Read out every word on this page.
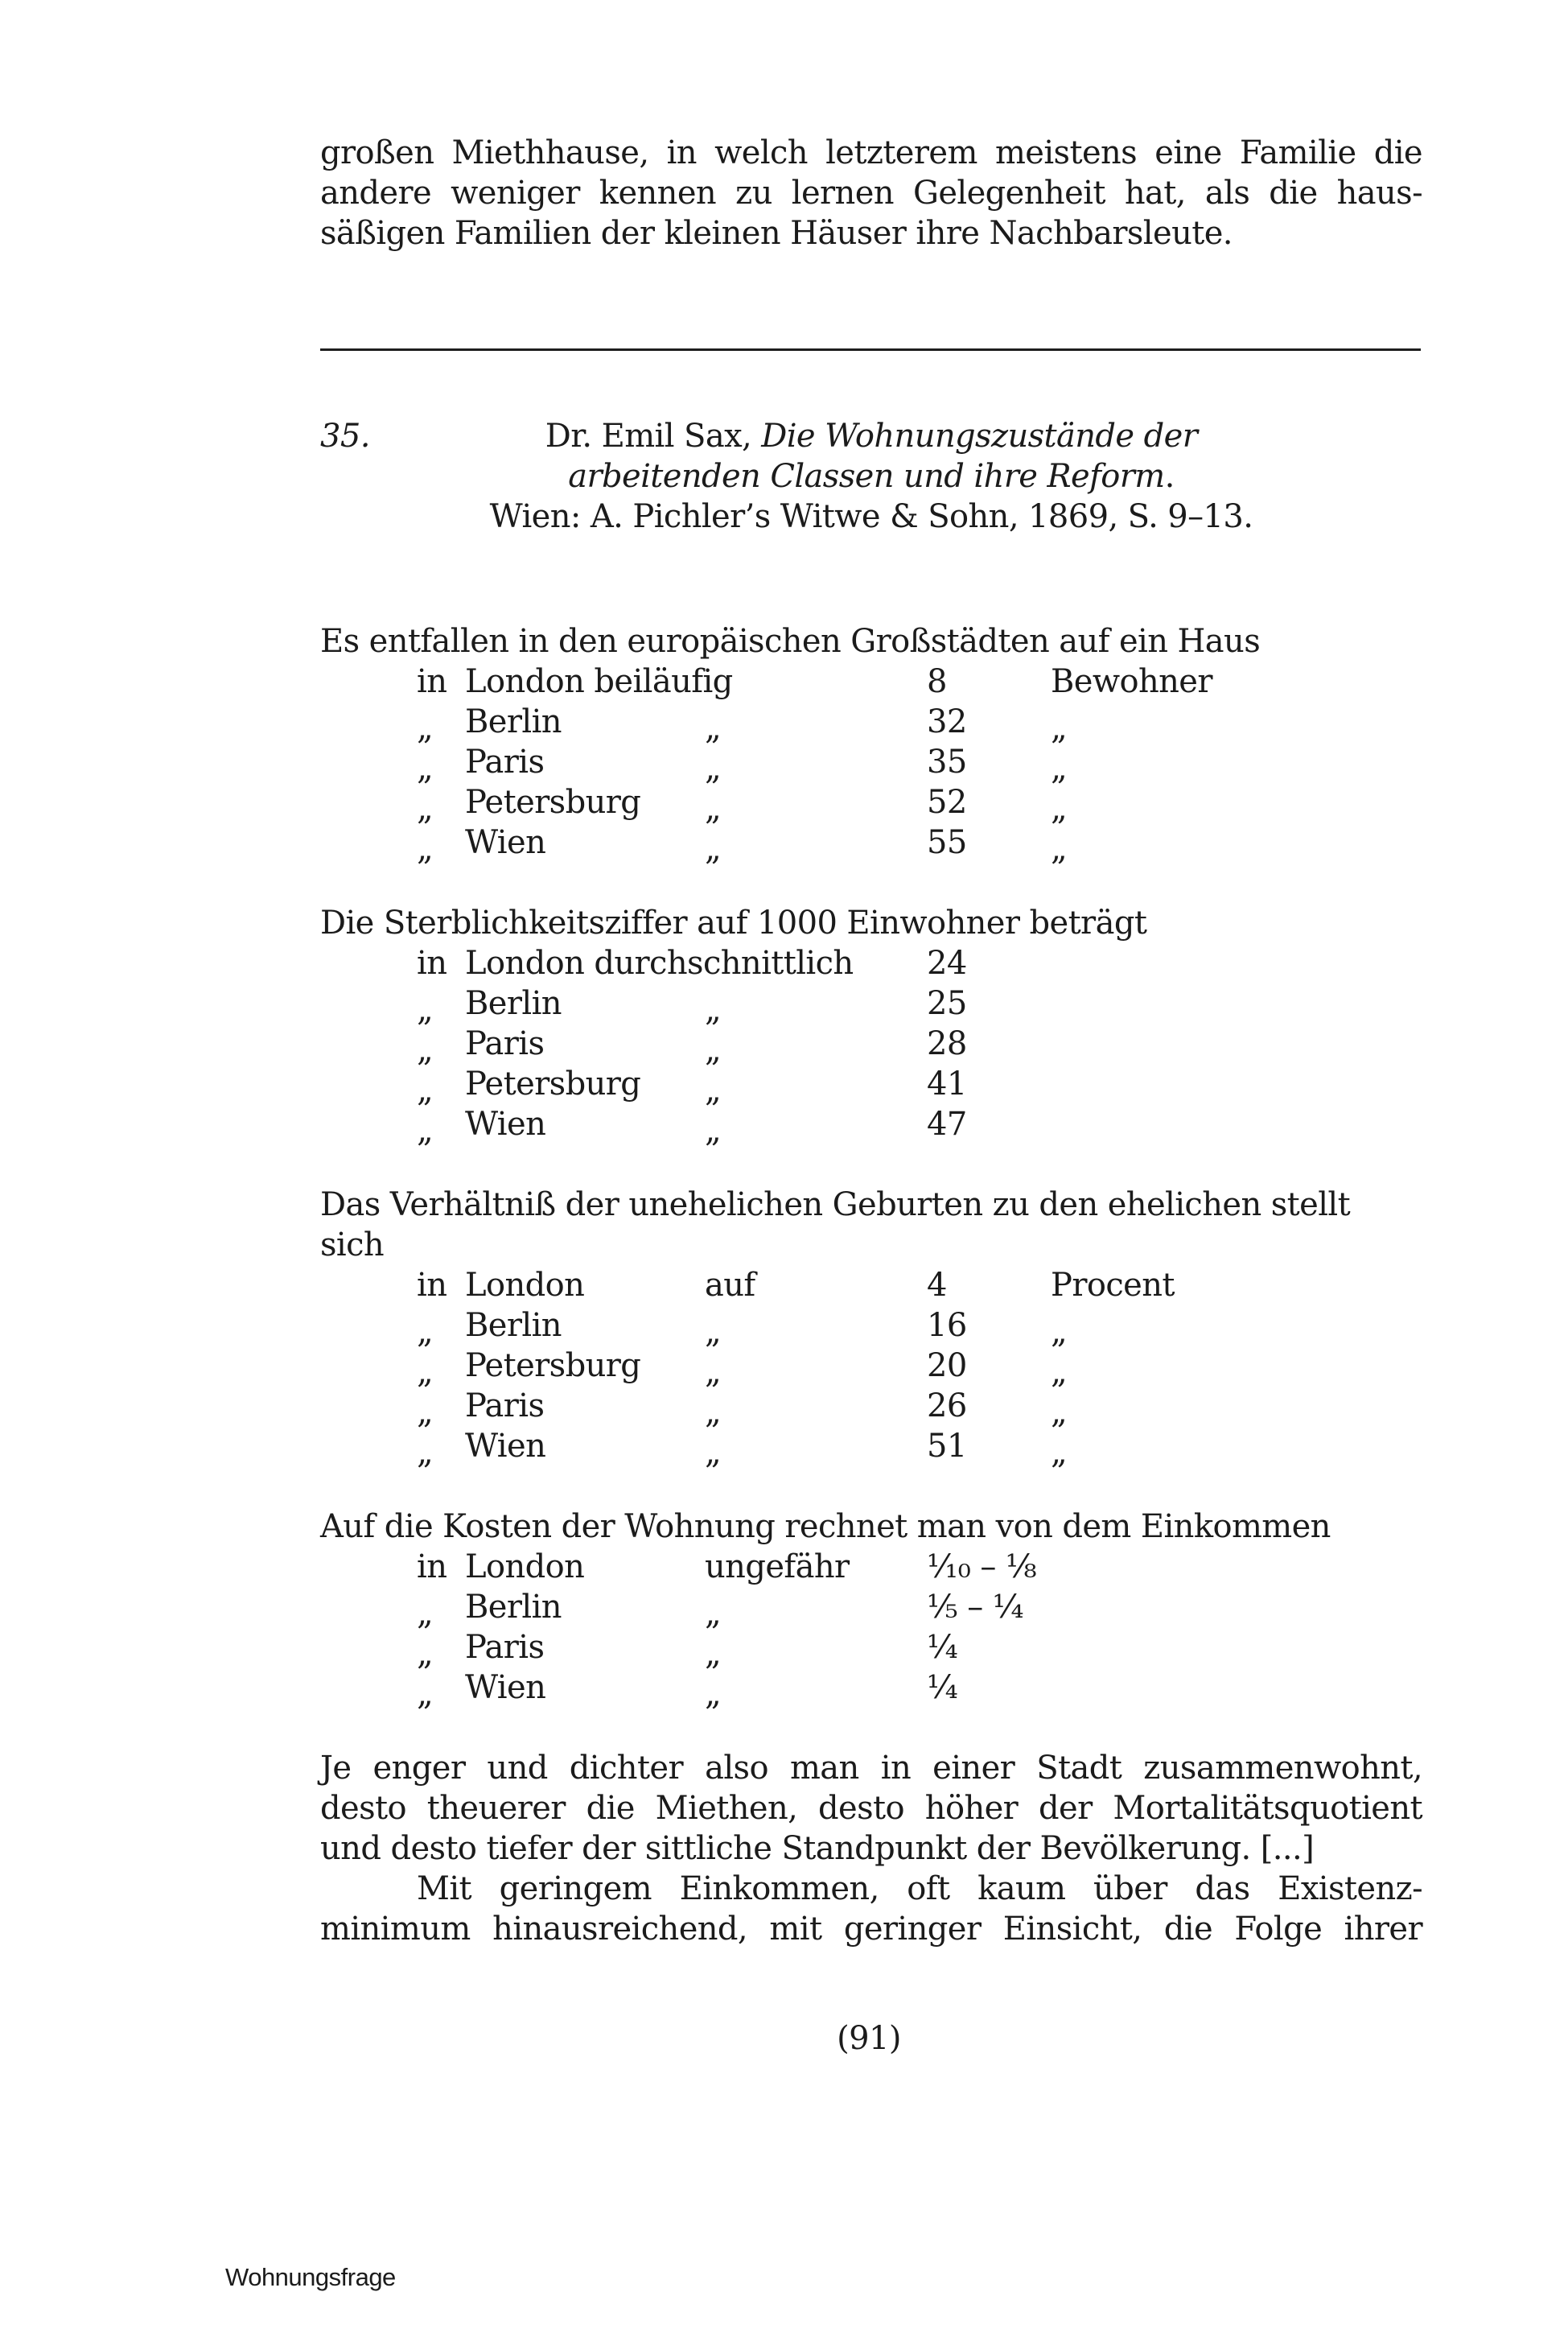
großen Miethhause, in welch letzterem meistens eine Familie die

andere weniger kennen zu lernen Gelegenheit hat, als die haus-

säßigen Familien der kleinen Häuser ihre Nachbarsleute.

35.	Dr. Emil Sax, Die Wohnungszustände der
arbeitenden Classen und ihre Reform.
Wien: A. Pichler’s Witwe & Sohn, 1869, S. 9–13.
Es entfallen in den europäischen Großstädten auf ein Haus
in London beiläufig	8	Bewohner
„ Berlin	„	32	„
„ Paris	„	35	„
„ Petersburg „	52	„
„ Wien	„	55	„
Die Sterblichkeitsziffer auf 1000 Einwohner beträgt
in London durchschnittlich 24
„ Berlin	„	25
„ Paris	„	28
„ Petersburg „	41
„ Wien	„	47
Das Verhältniß der unehelichen Geburten zu den ehelichen stellt
sich
in London	auf	4	Procent
„ Berlin	„	16	„
„ Petersburg „	20	„
„ Paris	„	26	„
„ Wien	„	51	„
Auf die Kosten der Wohnung rechnet man von dem Einkommen
in London	ungefähr ⅒ – ⅛
„ Berlin	„	⅕ – ¼
„ Paris	„	¼
„ Wien	„	¼

Je enger und dichter also man in einer Stadt zusammenwohnt,

desto theuerer die Miethen, desto höher der Mortalitätsquotient

und desto tiefer der sittliche Standpunkt der Bevölkerung. [...]

Mit geringem Einkommen, oft kaum über das Existenz-

minimum hinausreichend, mit geringer Einsicht, die Folge ihrer

(91)
Wohnungsfrage
